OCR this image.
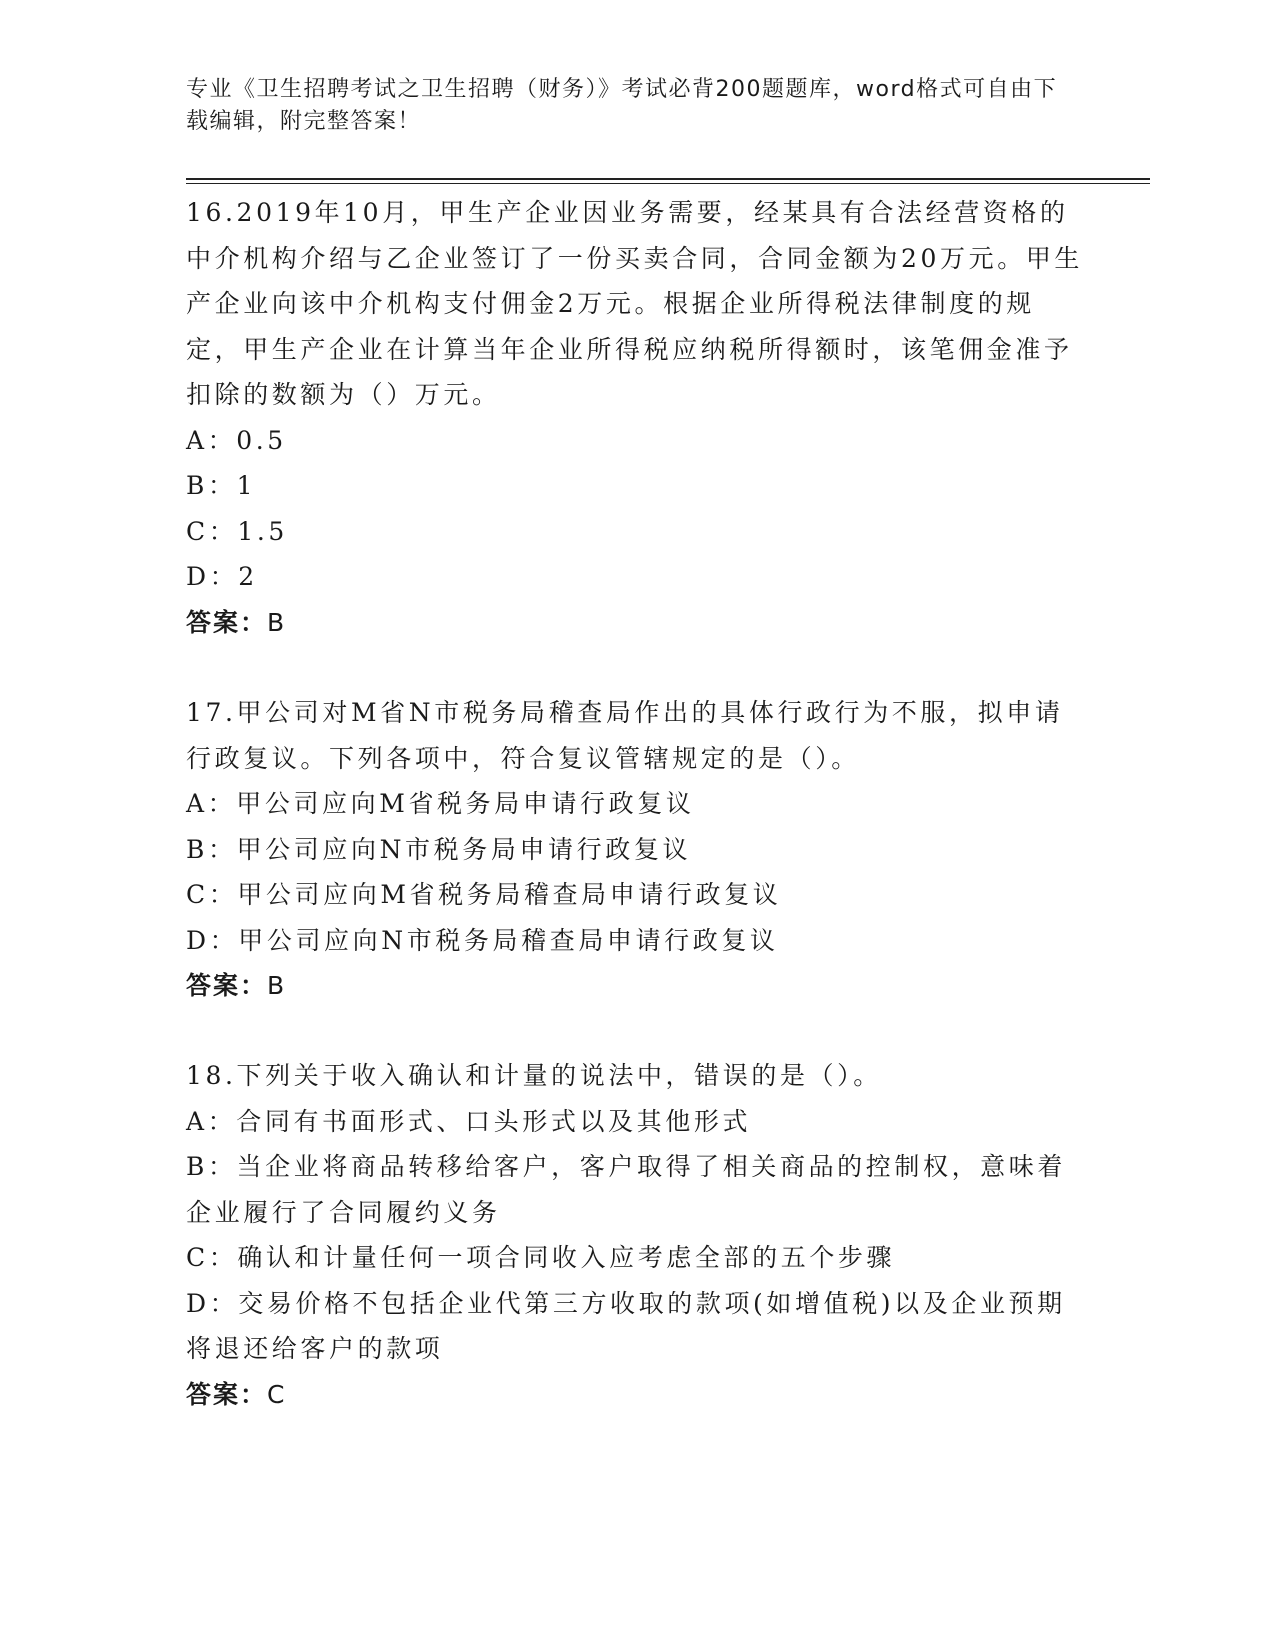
专业《卫生招聘考试之卫生招聘（财务）》考试必背200题题库，word格式可自由下载编辑，附完整答案！

16.2019年10月，甲生产企业因业务需要，经某具有合法经营资格的中介机构介绍与乙企业签订了一份买卖合同，合同金额为20万元。甲生产企业向该中介机构支付佣金2万元。根据企业所得税法律制度的规定，甲生产企业在计算当年企业所得税应纳税所得额时，该笔佣金准予扣除的数额为（）万元。

A：0.5

B：1

C：1.5

D：2

答案：B

17.甲公司对M省N市税务局稽查局作出的具体行政行为不服，拟申请行政复议。下列各项中，符合复议管辖规定的是（）。

A：甲公司应向M省税务局申请行政复议

B：甲公司应向N市税务局申请行政复议

C：甲公司应向M省税务局稽查局申请行政复议

D：甲公司应向N市税务局稽查局申请行政复议

答案：B

18.下列关于收入确认和计量的说法中，错误的是（）。

A：合同有书面形式、口头形式以及其他形式

B：当企业将商品转移给客户，客户取得了相关商品的控制权，意味着企业履行了合同履约义务

C：确认和计量任何一项合同收入应考虑全部的五个步骤

D：交易价格不包括企业代第三方收取的款项(如增值税)以及企业预期将退还给客户的款项

答案：C
